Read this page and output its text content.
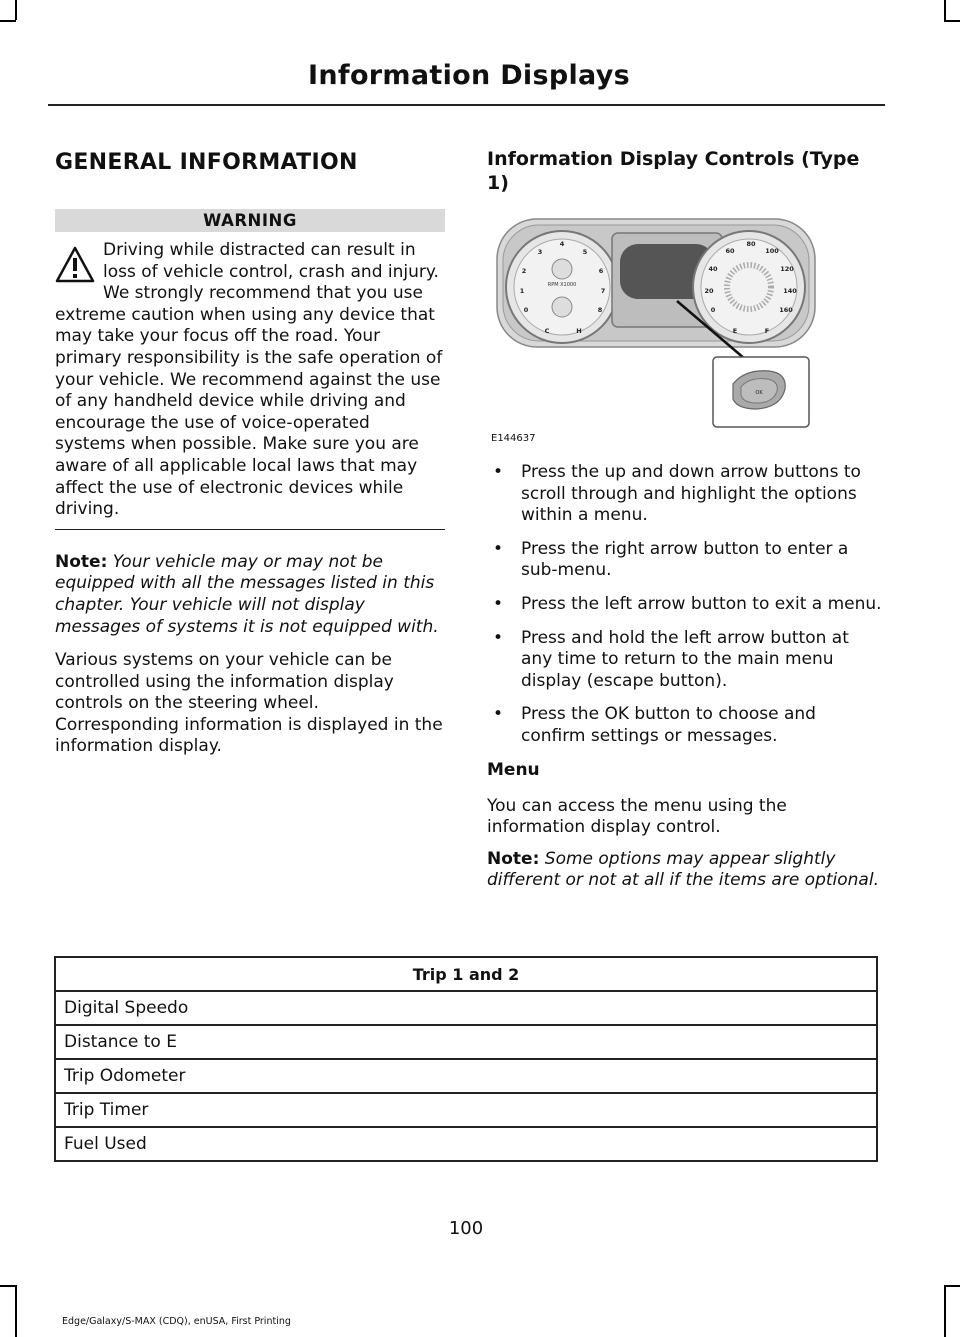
Information Displays
GENERAL INFORMATION
WARNING
Driving while distracted can result in loss of vehicle control, crash and injury. We strongly recommend that you use extreme caution when using any device that may take your focus off the road. Your primary responsibility is the safe operation of your vehicle. We recommend against the use of any handheld device while driving and encourage the use of voice-operated systems when possible. Make sure you are aware of all applicable local laws that may affect the use of electronic devices while driving.

Note: Your vehicle may or may not be equipped with all the messages listed in this chapter. Your vehicle will not display messages of systems it is not equipped with.

Various systems on your vehicle can be controlled using the information display controls on the steering wheel. Corresponding information is displayed in the information display.

Information Display Controls (Type 1)
RPM X1000
0
1
2
3
4
5
6
7
8
C	H
0
20
40
60
80
100
120
140
160
E	F
OK
E144637
• Press the up and down arrow buttons to scroll through and highlight the options within a menu.
• Press the right arrow button to enter a sub-menu.
• Press the left arrow button to exit a menu.
• Press and hold the left arrow button at any time to return to the main menu display (escape button).
• Press the OK button to choose and confirm settings or messages.
Menu

You can access the menu using the information display control.

Note: Some options may appear slightly different or not at all if the items are optional.

Trip 1 and 2
Digital Speedo
Distance to E
Trip Odometer
Trip Timer
Fuel Used
100
Edge/Galaxy/S-MAX (CDQ), enUSA, First Printing
